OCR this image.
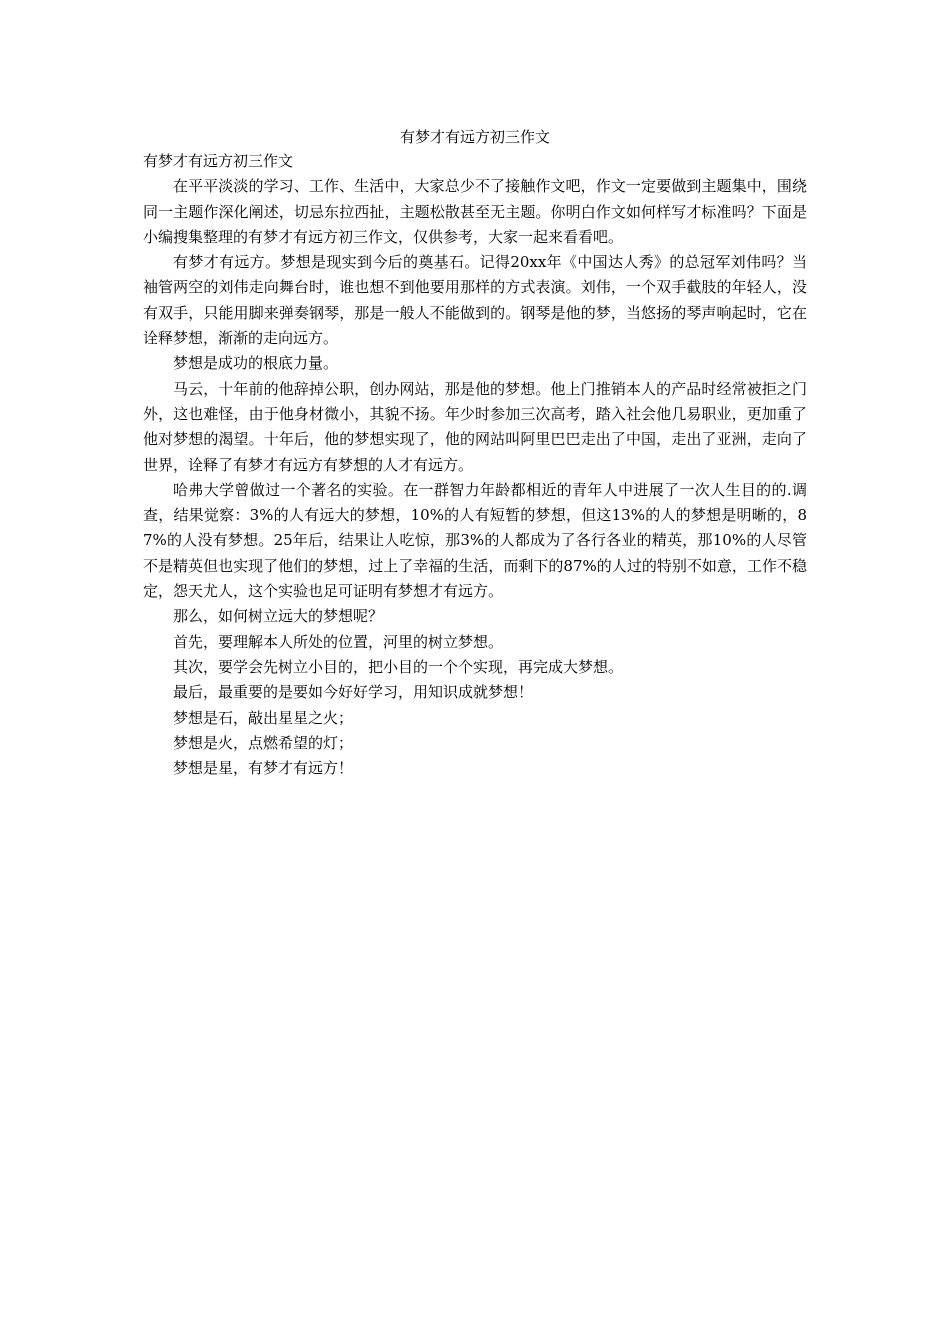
有梦才有远方初三作文

有梦才有远方初三作文

在平平淡淡的学习、工作、生活中，大家总少不了接触作文吧，作文一定要做到主题集中，围绕同一主题作深化阐述，切忌东拉西扯，主题松散甚至无主题。你明白作文如何样写才标准吗？下面是小编搜集整理的有梦才有远方初三作文，仅供参考，大家一起来看看吧。

有梦才有远方。梦想是现实到今后的奠基石。记得20xx年《中国达人秀》的总冠军刘伟吗？当袖管两空的刘伟走向舞台时，谁也想不到他要用那样的方式表演。刘伟，一个双手截肢的年轻人，没有双手，只能用脚来弹奏钢琴，那是一般人不能做到的。钢琴是他的梦，当悠扬的琴声响起时，它在诠释梦想，渐渐的走向远方。

梦想是成功的根底力量。

马云，十年前的他辞掉公职，创办网站，那是他的梦想。他上门推销本人的产品时经常被拒之门外，这也难怪，由于他身材微小，其貌不扬。年少时参加三次高考，踏入社会他几易职业，更加重了他对梦想的渴望。十年后，他的梦想实现了，他的网站叫阿里巴巴走出了中国，走出了亚洲，走向了世界，诠释了有梦才有远方有梦想的人才有远方。

哈弗大学曾做过一个著名的实验。在一群智力年龄都相近的青年人中进展了一次人生目的的.调查，结果觉察：3%的人有远大的梦想，10%的人有短暂的梦想，但这13%的人的梦想是明晰的，87%的人没有梦想。25年后，结果让人吃惊，那3%的人都成为了各行各业的精英，那10%的人尽管不是精英但也实现了他们的梦想，过上了幸福的生活，而剩下的87%的人过的特别不如意，工作不稳定，怨天尤人，这个实验也足可证明有梦想才有远方。

那么，如何树立远大的梦想呢？

首先，要理解本人所处的位置，河里的树立梦想。

其次，要学会先树立小目的，把小目的一个个实现，再完成大梦想。

最后，最重要的是要如今好好学习，用知识成就梦想！

梦想是石，敲出星星之火；

梦想是火，点燃希望的灯；

梦想是星，有梦才有远方！
